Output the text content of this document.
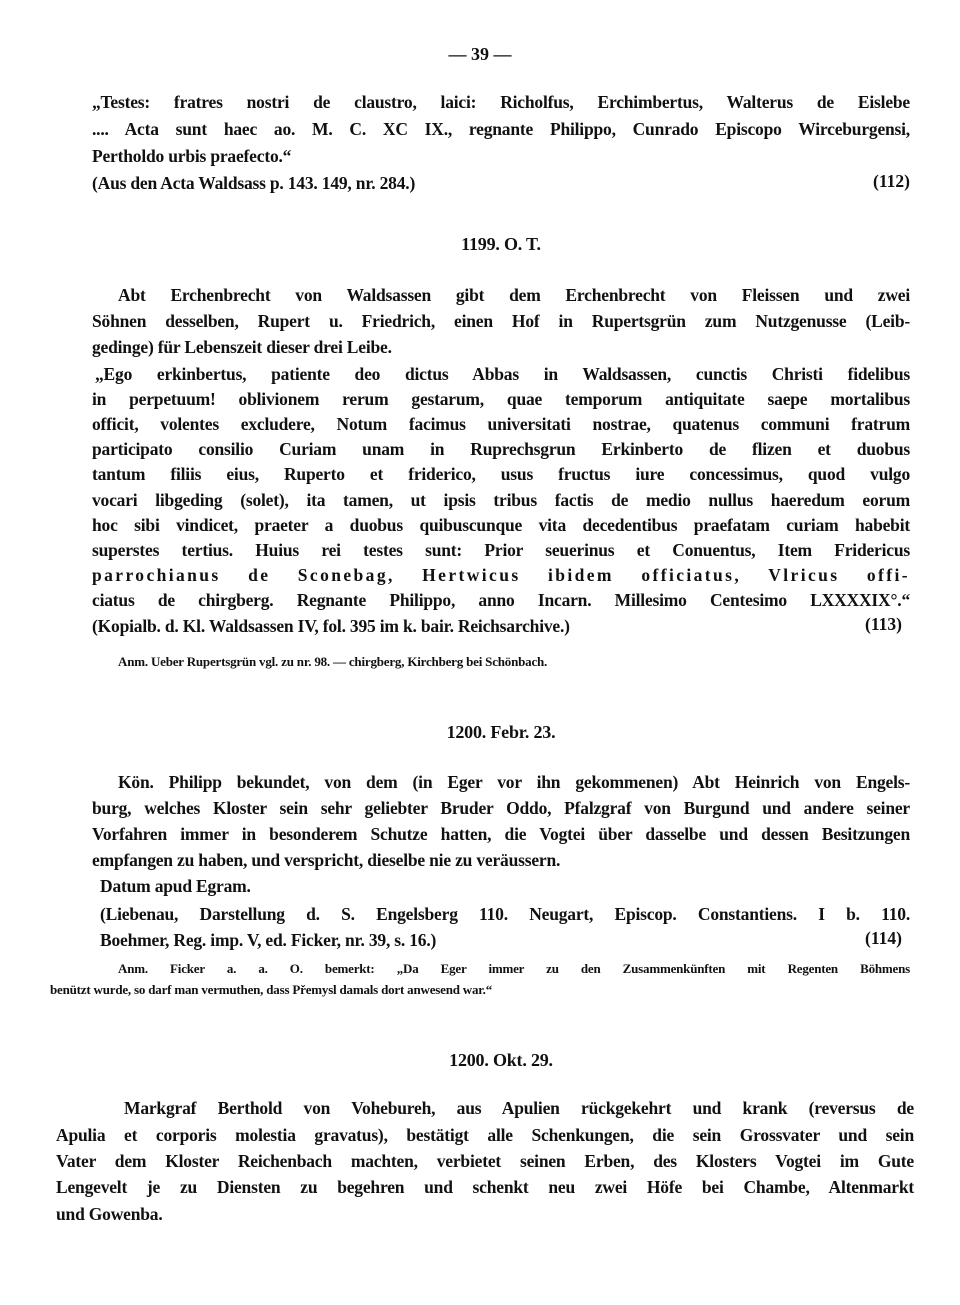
— 39 —
„Testes: fratres nostri de claustro, laici: Richolfus, Erchimbertus, Walterus de Eislebe
.... Acta sunt haec ao. M. C. XC IX., regnante Philippo, Cunrado Episcopo Wirceburgensi,
Pertholdo urbis praefecto.“
(Aus den Acta Waldsass p. 143. 149, nr. 284.)	(112)
1199. O. T.
Abt Erchenbrecht von Waldsassen gibt dem Erchenbrecht von Fleissen und zwei
Söhnen desselben, Rupert u. Friedrich, einen Hof in Rupertsgrün zum Nutzgenusse (Leib-
gedinge) für Lebenszeit dieser drei Leibe.
„Ego erkinbertus, patiente deo dictus Abbas in Waldsassen, cunctis Christi fidelibus
in perpetuum! oblivionem rerum gestarum, quae temporum antiquitate saepe mortalibus
officit, volentes excludere, Notum facimus universitati nostrae, quatenus communi fratrum
participato consilio Curiam unam in Ruprechsgrun Erkinberto de flizen et duobus
tantum filiis eius, Ruperto et friderico, usus fructus iure concessimus, quod vulgo
vocari libgeding (solet), ita tamen, ut ipsis tribus factis de medio nullus haeredum eorum
hoc sibi vindicet, praeter a duobus quibuscunque vita decedentibus praefatam curiam habebit
superstes tertius. Huius rei testes sunt: Prior seuerinus et Conuentus, Item Fridericus
parrochianus de Sconebag, Hertwicus ibidem officiatus, Vlricus offi-
ciatus de chirgberg. Regnante Philippo, anno Incarn. Millesimo Centesimo LXXXXIX°.“
(Kopialb. d. Kl. Waldsassen IV, fol. 395 im k. bair. Reichsarchive.)	(113)
Anm. Ueber Rupertsgrün vgl. zu nr. 98. — chirgberg, Kirchberg bei Schönbach.
1200. Febr. 23.
Kön. Philipp bekundet, von dem (in Eger vor ihn gekommenen) Abt Heinrich von Engels-
burg, welches Kloster sein sehr geliebter Bruder Oddo, Pfalzgraf von Burgund und andere seiner
Vorfahren immer in besonderem Schutze hatten, die Vogtei über dasselbe und dessen Besitzungen
empfangen zu haben, und verspricht, dieselbe nie zu veräussern.
Datum apud Egram.
(Liebenau, Darstellung d. S. Engelsberg 110. Neugart, Episcop. Constantiens. I b. 110.
Boehmer, Reg. imp. V, ed. Ficker, nr. 39, s. 16.)	(114)
Anm. Ficker a. a. O. bemerkt: „Da Eger immer zu den Zusammenkünften mit Regenten Böhmens
benützt wurde, so darf man vermuthen, dass Přemysl damals dort anwesend war.“
1200. Okt. 29.
Markgraf Berthold von Vohebureh, aus Apulien rückgekehrt und krank (reversus de
Apulia et corporis molestia gravatus), bestätigt alle Schenkungen, die sein Grossvater und sein
Vater dem Kloster Reichenbach machten, verbietet seinen Erben, des Klosters Vogtei im Gute
Lengevelt je zu Diensten zu begehren und schenkt neu zwei Höfe bei Chambe, Altenmarkt
und Gowenba.
